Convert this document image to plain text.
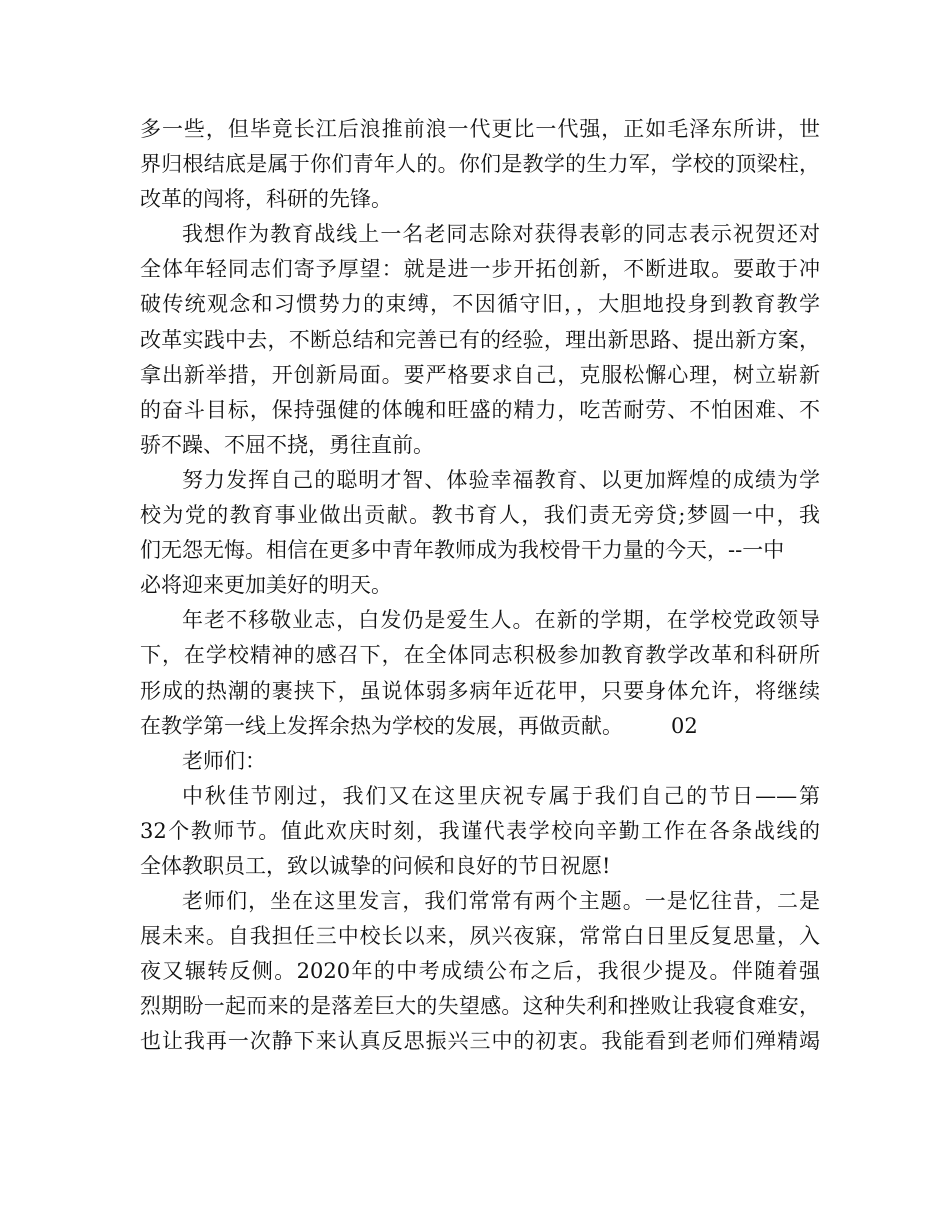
多一些，但毕竟长江后浪推前浪一代更比一代强，正如毛泽东所讲，世
界归根结底是属于你们青年人的。你们是教学的生力军，学校的顶梁柱，
改革的闯将，科研的先锋。
我想作为教育战线上一名老同志除对获得表彰的同志表示祝贺还对
全体年轻同志们寄予厚望：就是进一步开拓创新，不断进取。要敢于冲
破传统观念和习惯势力的束缚，不因循守旧，，大胆地投身到教育教学
改革实践中去，不断总结和完善已有的经验，理出新思路、提出新方案，
拿出新举措，开创新局面。要严格要求自己，克服松懈心理，树立崭新
的奋斗目标，保持强健的体魄和旺盛的精力，吃苦耐劳、不怕困难、不
骄不躁、不屈不挠，勇往直前。
努力发挥自己的聪明才智、体验幸福教育、以更加辉煌的成绩为学
校为党的教育事业做出贡献。教书育人，我们责无旁贷;梦圆一中，我
们无怨无悔。相信在更多中青年教师成为我校骨干力量的今天，--一中
必将迎来更加美好的明天。
年老不移敬业志，白发仍是爱生人。在新的学期，在学校党政领导
下，在学校精神的感召下，在全体同志积极参加教育教学改革和科研所
形成的热潮的裹挟下，虽说体弱多病年近花甲，只要身体允许，将继续
在教学第一线上发挥余热为学校的发展，再做贡献。 02
老师们：
中秋佳节刚过，我们又在这里庆祝专属于我们自己的节日——第
32个教师节。值此欢庆时刻，我谨代表学校向辛勤工作在各条战线的
全体教职员工，致以诚挚的问候和良好的节日祝愿!
老师们，坐在这里发言，我们常常有两个主题。一是忆往昔，二是
展未来。自我担任三中校长以来，夙兴夜寐，常常白日里反复思量，入
夜又辗转反侧。2020年的中考成绩公布之后，我很少提及。伴随着强
烈期盼一起而来的是落差巨大的失望感。这种失利和挫败让我寝食难安，
也让我再一次静下来认真反思振兴三中的初衷。我能看到老师们殚精竭
